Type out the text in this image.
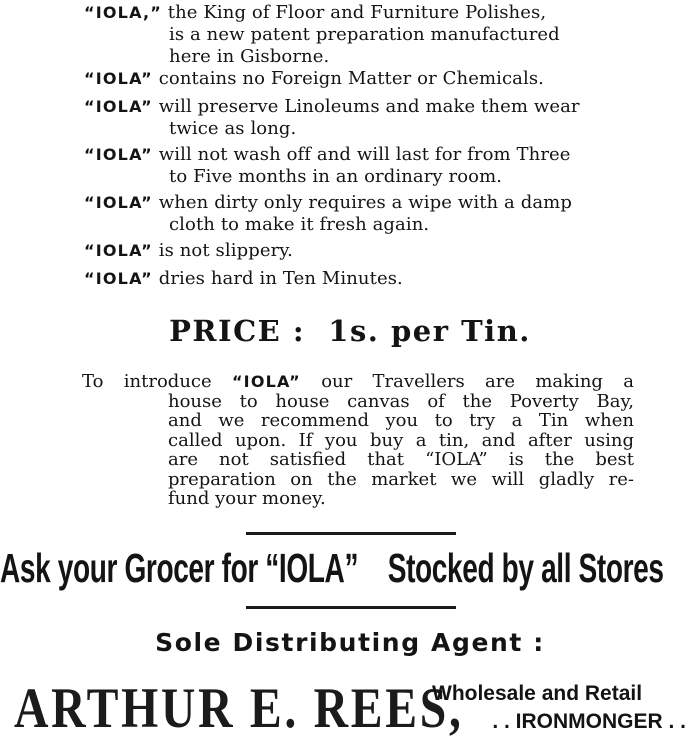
“IOLA,” the King of Floor and Furniture Polishes,
is a new patent preparation manufactured
here in Gisborne.
“IOLA” contains no Foreign Matter or Chemicals.
“IOLA” will preserve Linoleums and make them wear
twice as long.
“IOLA” will not wash off and will last for from Three
to Five months in an ordinary room.
“IOLA” when dirty only requires a wipe with a damp
cloth to make it fresh again.
“IOLA” is not slippery.
“IOLA” dries hard in Ten Minutes.
PRICE : 1s. per Tin.
To introduce “IOLA” our Travellers are making a
house to house canvas of the Poverty Bay,
and we recommend you to try a Tin when
called upon. If you buy a tin, and after using
are not satisfied that “IOLA” is the best
preparation on the market we will gladly re-
fund your money.
Ask your Grocer for “IOLA” Stocked by all Stores
Sole Distributing Agent :
ARTHUR E. REES,
Wholesale and Retail
. . IRONMONGER . .
